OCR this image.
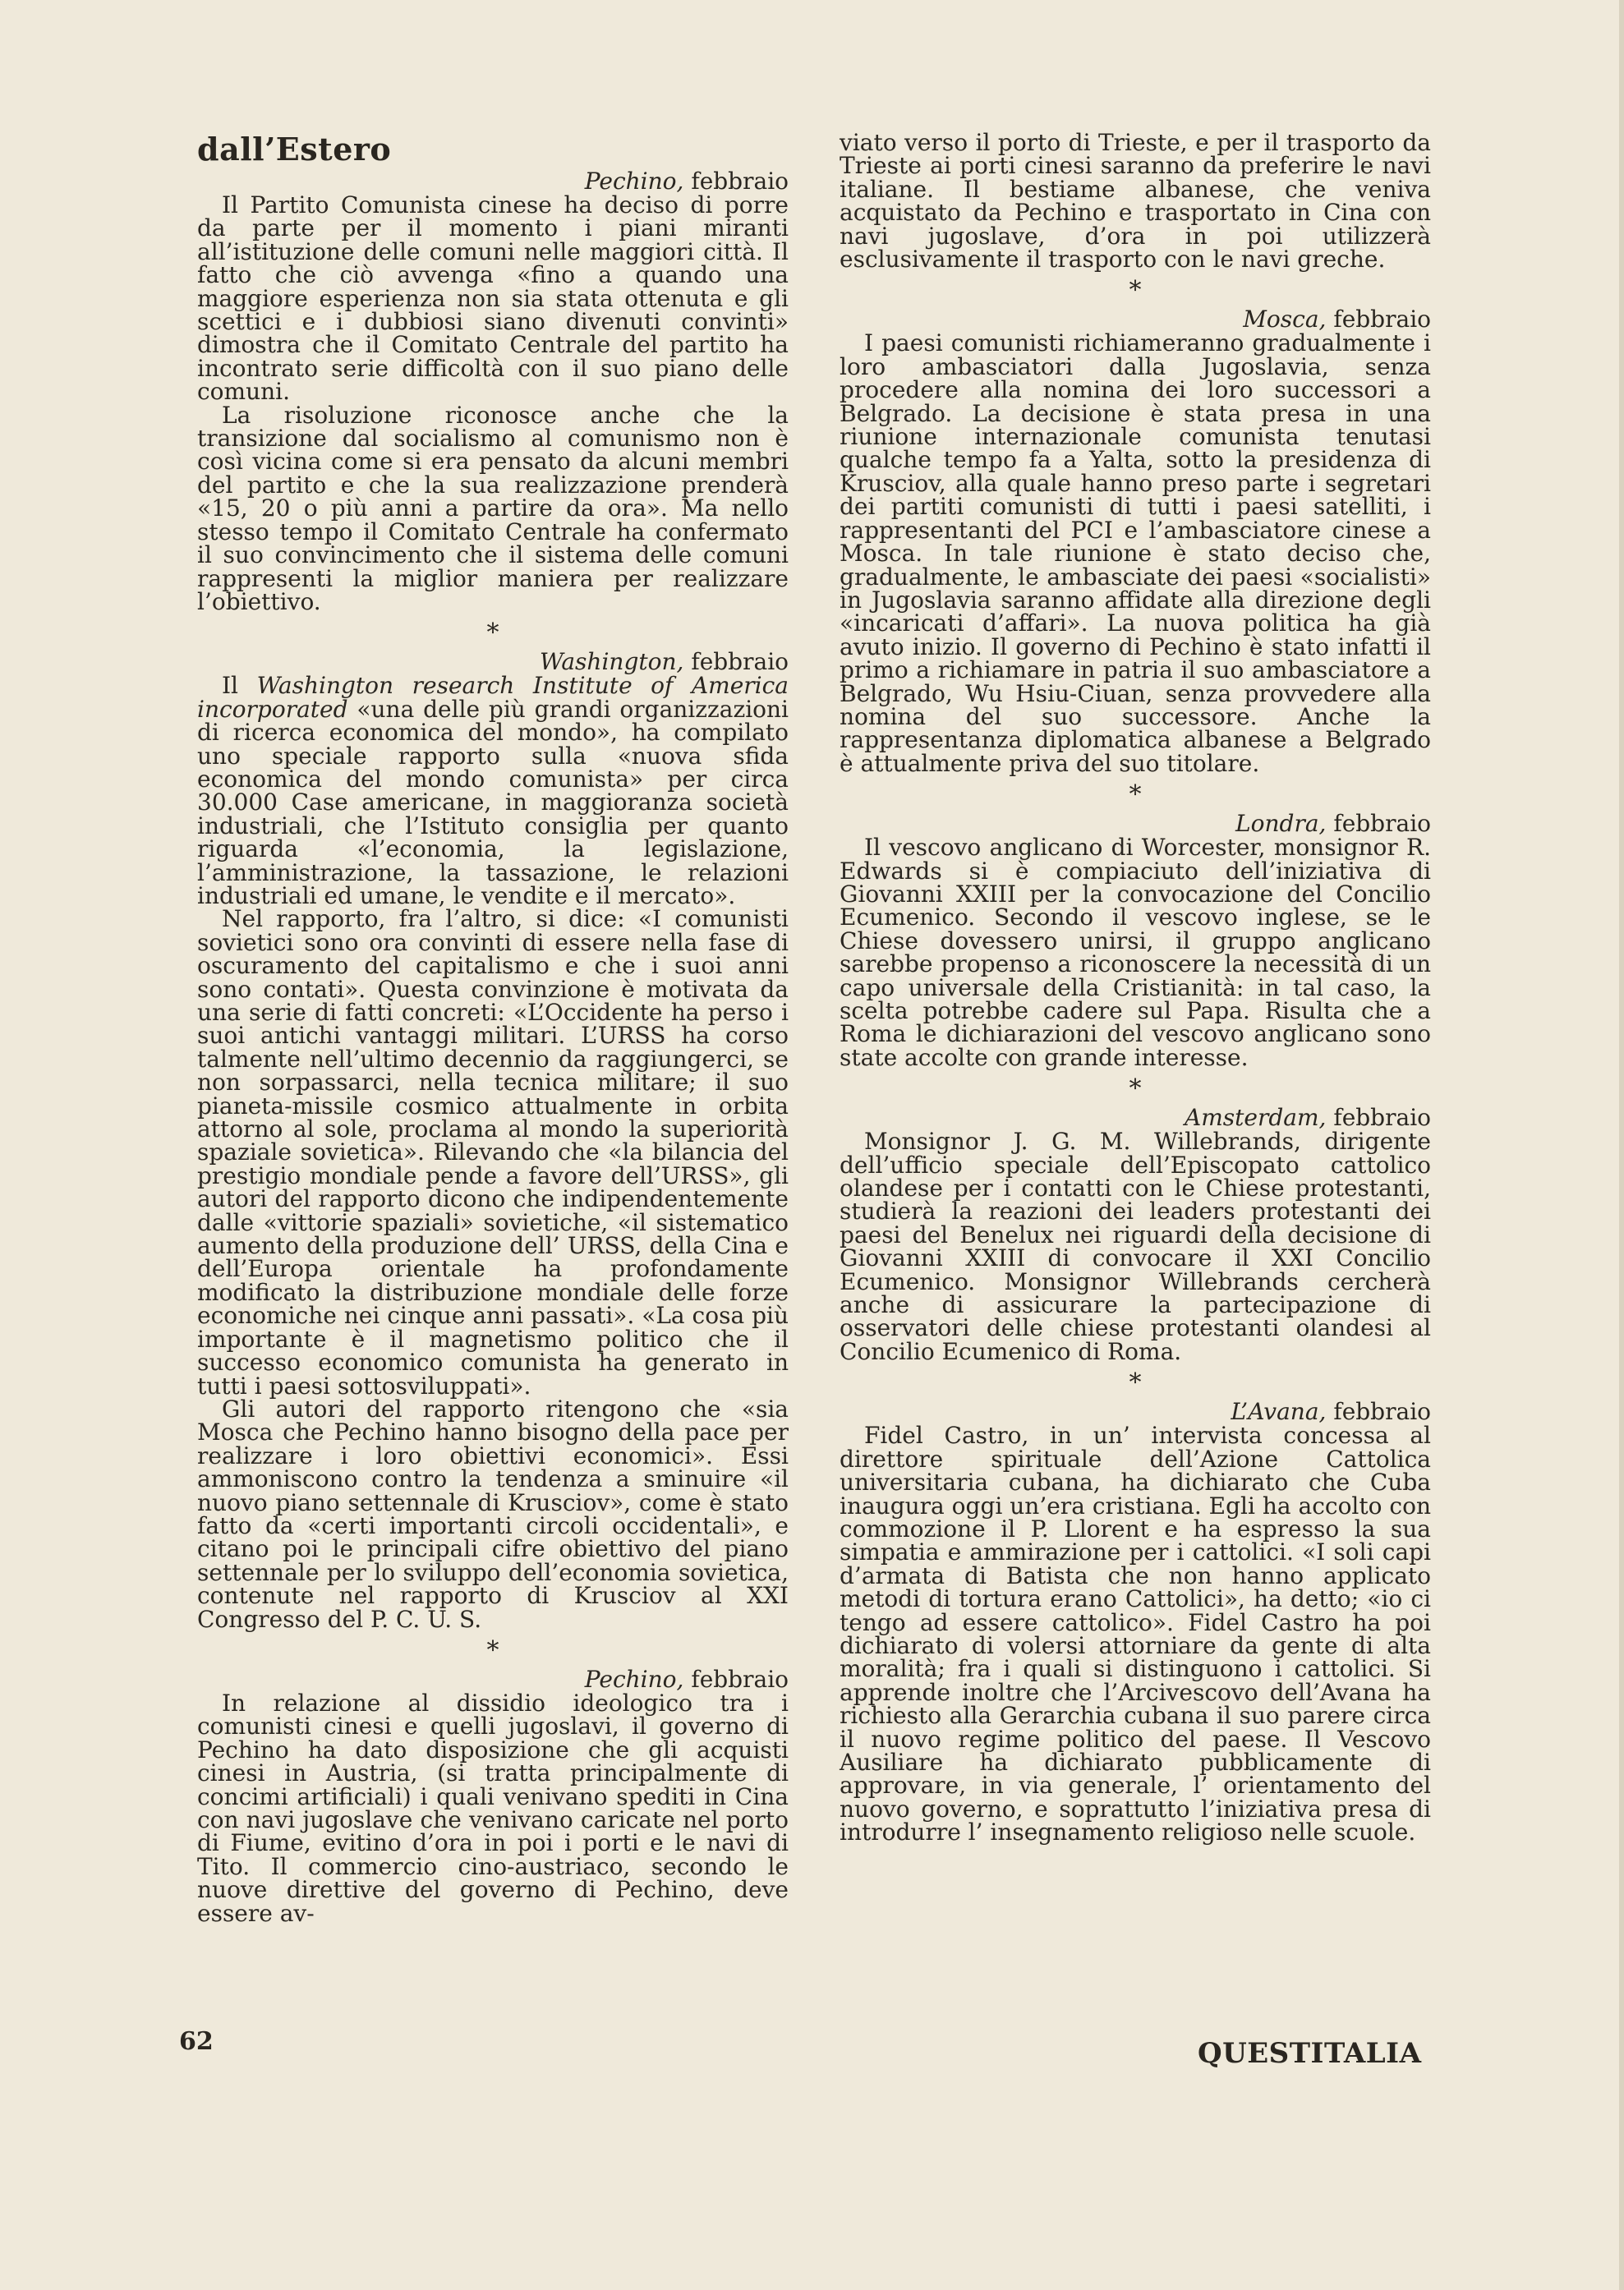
dall’Estero

Pechino, febbraio

Il Partito Comunista cinese ha deciso di porre da parte per il momento i piani miranti all’istituzione delle comuni nelle maggiori città. Il fatto che ciò avvenga «fino a quando una maggiore esperienza non sia stata ottenuta e gli scettici e i dubbiosi siano divenuti convinti» dimostra che il Comitato Centrale del partito ha incontrato serie difficoltà con il suo piano delle comuni.

La risoluzione riconosce anche che la transizione dal socialismo al comunismo non è così vicina come si era pensato da alcuni membri del partito e che la sua realizzazione prenderà «15, 20 o più anni a partire da ora». Ma nello stesso tempo il Comitato Centrale ha confermato il suo convincimento che il sistema delle comuni rappresenti la miglior maniera per realizzare l’obiettivo.

*

Washington, febbraio

Il Washington research Institute of America incorporated «una delle più grandi organizzazioni di ricerca economica del mondo», ha compilato uno speciale rapporto sulla «nuova sfida economica del mondo comunista» per circa 30.000 Case americane, in maggioranza società industriali, che l’Istituto consiglia per quanto riguarda «l’economia, la legislazione, l’amministrazione, la tassazione, le relazioni industriali ed umane, le vendite e il mercato».

Nel rapporto, fra l’altro, si dice: «I comunisti sovietici sono ora convinti di essere nella fase di oscuramento del capitalismo e che i suoi anni sono contati». Questa convinzione è motivata da una serie di fatti concreti: «L’Occidente ha perso i suoi antichi vantaggi militari. L’URSS ha corso talmente nell’ultimo decennio da raggiungerci, se non sorpassarci, nella tecnica militare; il suo pianeta-missile cosmico attualmente in orbita attorno al sole, proclama al mondo la superiorità spaziale sovietica». Rilevando che «la bilancia del prestigio mondiale pende a favore dell’URSS», gli autori del rapporto dicono che indipendentemente dalle «vittorie spaziali» sovietiche, «il sistematico aumento della produzione dell’ URSS, della Cina e dell’Europa orientale ha profondamente modificato la distribuzione mondiale delle forze economiche nei cinque anni passati». «La cosa più importante è il magnetismo politico che il successo economico comunista ha generato in tutti i paesi sottosviluppati».

Gli autori del rapporto ritengono che «sia Mosca che Pechino hanno bisogno della pace per realizzare i loro obiettivi economici». Essi ammoniscono contro la tendenza a sminuire «il nuovo piano settennale di Krusciov», come è stato fatto da «certi importanti circoli occidentali», e citano poi le principali cifre obiettivo del piano settennale per lo sviluppo dell’economia sovietica, contenute nel rapporto di Krusciov al XXI Congresso del P. C. U. S.

*

Pechino, febbraio

In relazione al dissidio ideologico tra i comunisti cinesi e quelli jugoslavi, il governo di Pechino ha dato disposizione che gli acquisti cinesi in Austria, (si tratta principalmente di concimi artificiali) i quali venivano spediti in Cina con navi jugoslave che venivano caricate nel porto di Fiume, evitino d’ora in poi i porti e le navi di Tito. Il commercio cino-austriaco, secondo le nuove direttive del governo di Pechino, deve essere av-

viato verso il porto di Trieste, e per il trasporto da Trieste ai porti cinesi saranno da preferire le navi italiane. Il bestiame albanese, che veniva acquistato da Pechino e trasportato in Cina con navi jugoslave, d’ora in poi utilizzerà esclusivamente il trasporto con le navi greche.

*

Mosca, febbraio

I paesi comunisti richiameranno gradualmente i loro ambasciatori dalla Jugoslavia, senza procedere alla nomina dei loro successori a Belgrado. La decisione è stata presa in una riunione internazionale comunista tenutasi qualche tempo fa a Yalta, sotto la presidenza di Krusciov, alla quale hanno preso parte i segretari dei partiti comunisti di tutti i paesi satelliti, i rappresentanti del PCI e l’ambasciatore cinese a Mosca. In tale riunione è stato deciso che, gradualmente, le ambasciate dei paesi «socialisti» in Jugoslavia saranno affidate alla direzione degli «incaricati d’affari». La nuova politica ha già avuto inizio. Il governo di Pechino è stato infatti il primo a richiamare in patria il suo ambasciatore a Belgrado, Wu Hsiu-Ciuan, senza provvedere alla nomina del suo successore. Anche la rappresentanza diplomatica albanese a Belgrado è attualmente priva del suo titolare.

*

Londra, febbraio

Il vescovo anglicano di Worcester, monsignor R. Edwards si è compiaciuto dell’iniziativa di Giovanni XXIII per la convocazione del Concilio Ecumenico. Secondo il vescovo inglese, se le Chiese dovessero unirsi, il gruppo anglicano sarebbe propenso a riconoscere la necessità di un capo universale della Cristianità: in tal caso, la scelta potrebbe cadere sul Papa. Risulta che a Roma le dichiarazioni del vescovo anglicano sono state accolte con grande interesse.

*

Amsterdam, febbraio

Monsignor J. G. M. Willebrands, dirigente dell’ufficio speciale dell’Episcopato cattolico olandese per i contatti con le Chiese protestanti, studierà la reazioni dei leaders protestanti dei paesi del Benelux nei riguardi della decisione di Giovanni XXIII di convocare il XXI Concilio Ecumenico. Monsignor Willebrands cercherà anche di assicurare la partecipazione di osservatori delle chiese protestanti olandesi al Concilio Ecumenico di Roma.

*

L’Avana, febbraio

Fidel Castro, in un’ intervista concessa al direttore spirituale dell’Azione Cattolica universitaria cubana, ha dichiarato che Cuba inaugura oggi un’era cristiana. Egli ha accolto con commozione il P. Llorent e ha espresso la sua simpatia e ammirazione per i cattolici. «I soli capi d’armata di Batista che non hanno applicato metodi di tortura erano Cattolici», ha detto; «io ci tengo ad essere cattolico». Fidel Castro ha poi dichiarato di volersi attorniare da gente di alta moralità; fra i quali si distinguono i cattolici. Si apprende inoltre che l’Arcivescovo dell’Avana ha richiesto alla Gerarchia cubana il suo parere circa il nuovo regime politico del paese. Il Vescovo Ausiliare ha dichiarato pubblicamente di approvare, in via generale, l’ orientamento del nuovo governo, e soprattutto l’iniziativa presa di introdurre l’ insegnamento religioso nelle scuole.

62	QUESTITALIA
